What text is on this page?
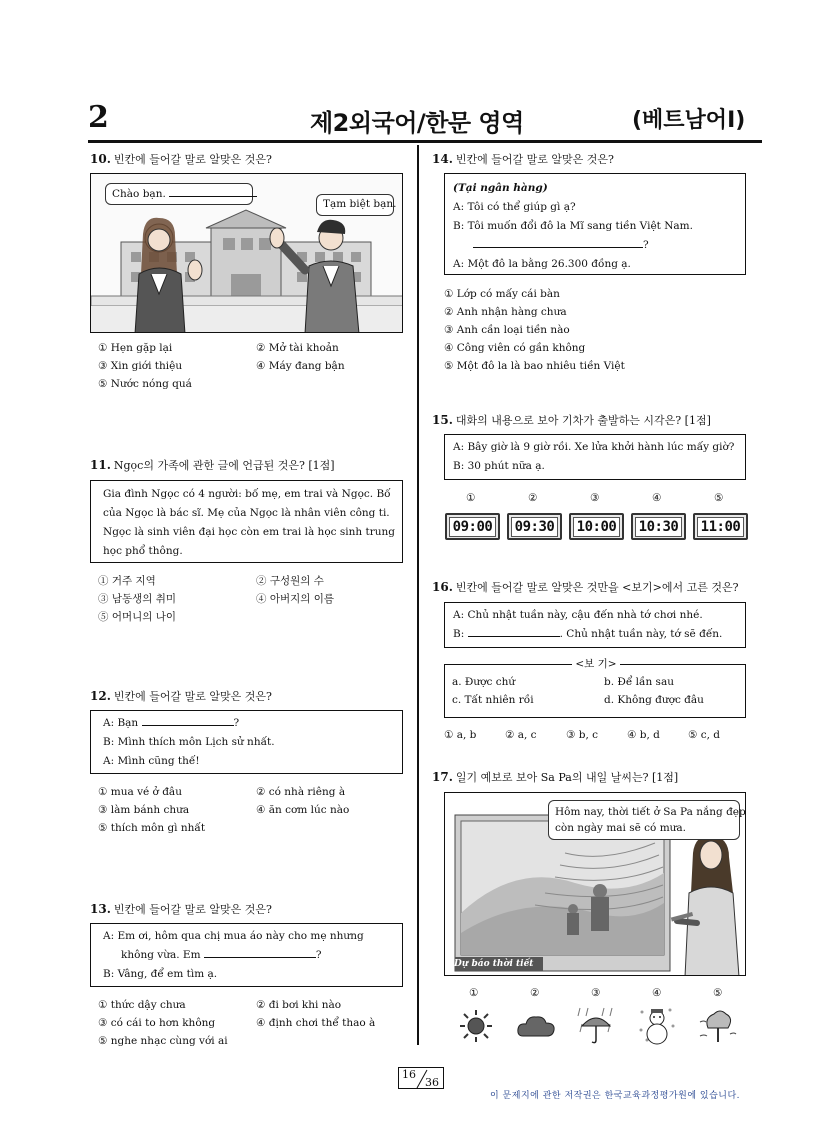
2	제2외국어/한문 영역	(베트남어Ⅰ)
10. 빈칸에 들어갈 말로 알맞은 것은?
Chào bạn.
Tạm biệt bạn.
① Hẹn gặp lại	② Mở tài khoản
③ Xin giới thiệu	④ Máy đang bận
⑤ Nước nóng quá
11. Ngọc의 가족에 관한 글에 언급된 것은? [1점]
Gia đình Ngọc có 4 người: bố mẹ, em trai và Ngọc. Bố
của Ngọc là bác sĩ. Mẹ của Ngọc là nhân viên công ti.
Ngọc là sinh viên đại học còn em trai là học sinh trung
học phổ thông.
① 거주 지역	② 구성원의 수
③ 남동생의 취미	④ 아버지의 이름
⑤ 어머니의 나이
12. 빈칸에 들어갈 말로 알맞은 것은?
A: Bạn	?
B: Mình thích môn Lịch sử nhất.
A: Mình cũng thế!
① mua vé ở đâu	② có nhà riêng à
③ làm bánh chưa	④ ăn cơm lúc nào
⑤ thích môn gì nhất
13. 빈칸에 들어갈 말로 알맞은 것은?
A: Em ơi, hôm qua chị mua áo này cho mẹ nhưng
không vừa. Em	?
B: Vâng, để em tìm ạ.
① thức dậy chưa	② đi bơi khi nào
③ có cái to hơn không	④ định chơi thể thao à
⑤ nghe nhạc cùng với ai
14. 빈칸에 들어갈 말로 알맞은 것은?
(Tại ngân hàng)
A: Tôi có thể giúp gì ạ?
B: Tôi muốn đổi đô la Mĩ sang tiền Việt Nam.
?
A: Một đô la bằng 26.300 đồng ạ.
① Lớp có mấy cái bàn
② Anh nhận hàng chưa
③ Anh cần loại tiền nào
④ Công viên có gần không
⑤ Một đô la là bao nhiêu tiền Việt
15. 대화의 내용으로 보아 기차가 출발하는 시각은? [1점]
A: Bây giờ là 9 giờ rồi. Xe lửa khởi hành lúc mấy giờ?
B: 30 phút nữa ạ.
①	②	③	④	⑤
09:00 09:30 10:00 10:30 11:00
16. 빈칸에 들어갈 말로 알맞은 것만을 <보기>에서 고른 것은?
A: Chủ nhật tuần này, cậu đến nhà tớ chơi nhé.
B:	. Chủ nhật tuần này, tớ sẽ đến.
<보 기>
a. Được chứ	b. Để lần sau
c. Tất nhiên rồi	d. Không được đâu
① a, b	② a, c	③ b, c	④ b, d	⑤ c, d
17. 일기 예보로 보아 Sa Pa의 내일 날씨는? [1점]
Dự báo thời tiết
Hôm nay, thời tiết ở Sa Pa nắng đẹp
còn ngày mai sẽ có mưa.
①	②	③	④	⑤
16
36
이 문제지에 관한 저작권은 한국교육과정평가원에 있습니다.
